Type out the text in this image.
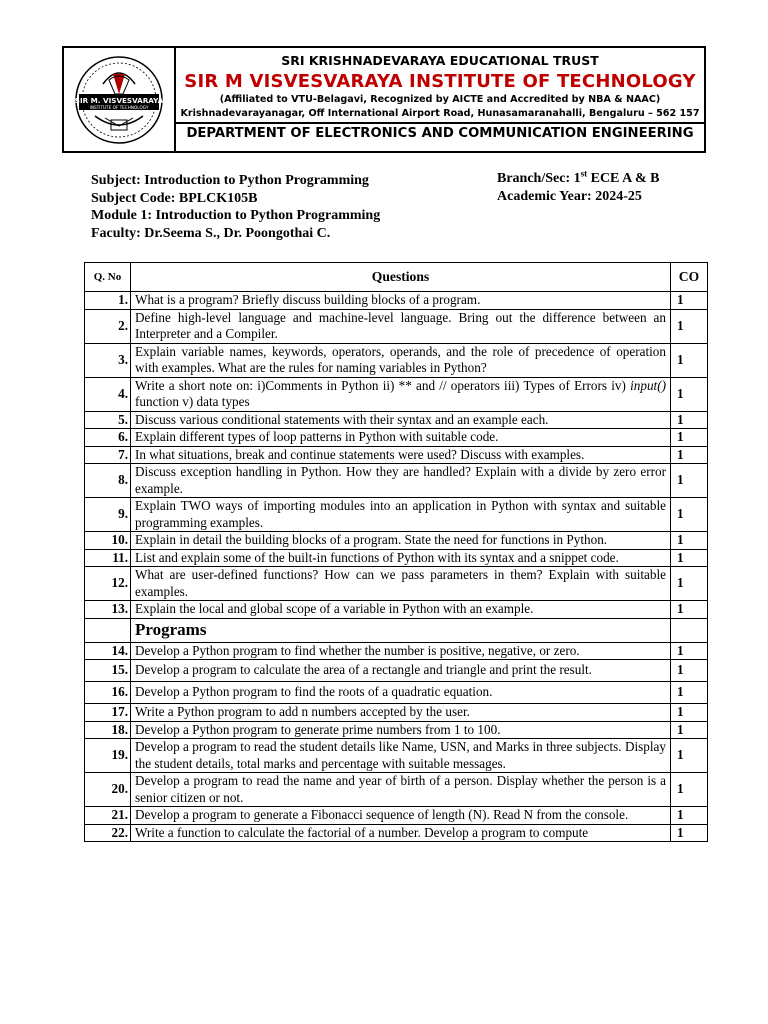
SIR M. VISVESVARAYA
INSTITUTE OF TECHNOLOGY
SRI KRISHNADEVARAYA EDUCATIONAL TRUST
SIR M VISVESVARAYA INSTITUTE OF TECHNOLOGY
(Affiliated to VTU-Belagavi, Recognized by AICTE and Accredited by NBA & NAAC)
Krishnadevarayanagar, Off International Airport Road, Hunasamaranahalli, Bengaluru – 562 157
DEPARTMENT OF ELECTRONICS AND COMMUNICATION ENGINEERING
Subject: Introduction to Python Programming
Subject Code: BPLCK105B
Module 1: Introduction to Python Programming
Faculty: Dr.Seema S., Dr. Poongothai C.
Branch/Sec: 1st ECE A & B
Academic Year: 2024-25
Q. No	Questions	CO
1.	What is a program? Briefly discuss building blocks of a program.	1
2.	Define high-level language and machine-level language. Bring out the difference between an Interpreter and a Compiler.	1
3.	Explain variable names, keywords, operators, operands, and the role of precedence of operation with examples. What are the rules for naming variables in Python?	1
4.	Write a short note on: i)Comments in Python ii) ** and // operators iii) Types of Errors iv) input() function v) data types	1
5.	Discuss various conditional statements with their syntax and an example each.	1
6.	Explain different types of loop patterns in Python with suitable code.	1
7.	In what situations, break and continue statements were used? Discuss with examples.	1
8.	Discuss exception handling in Python. How they are handled? Explain with a divide by zero error example.	1
9.	Explain TWO ways of importing modules into an application in Python with syntax and suitable programming examples.	1
10.	Explain in detail the building blocks of a program. State the need for functions in Python.	1
11.	List and explain some of the built-in functions of Python with its syntax and a snippet code.	1
12.	What are user-defined functions? How can we pass parameters in them? Explain with suitable examples.	1
13.	Explain the local and global scope of a variable in Python with an example.	1
	Programs	
14.	Develop a Python program to find whether the number is positive, negative, or zero.	1
15.	Develop a program to calculate the area of a rectangle and triangle and print the result.	1
16.	Develop a Python program to find the roots of a quadratic equation.	1
17.	Write a Python program to add n numbers accepted by the user.	1
18.	Develop a Python program to generate prime numbers from 1 to 100.	1
19.	Develop a program to read the student details like Name, USN, and Marks in three subjects. Display the student details, total marks and percentage with suitable messages.	1
20.	Develop a program to read the name and year of birth of a person. Display whether the person is a senior citizen or not.	1
21.	Develop a program to generate a Fibonacci sequence of length (N). Read N from the console.	1
22.	Write a function to calculate the factorial of a number. Develop a program to compute	1
